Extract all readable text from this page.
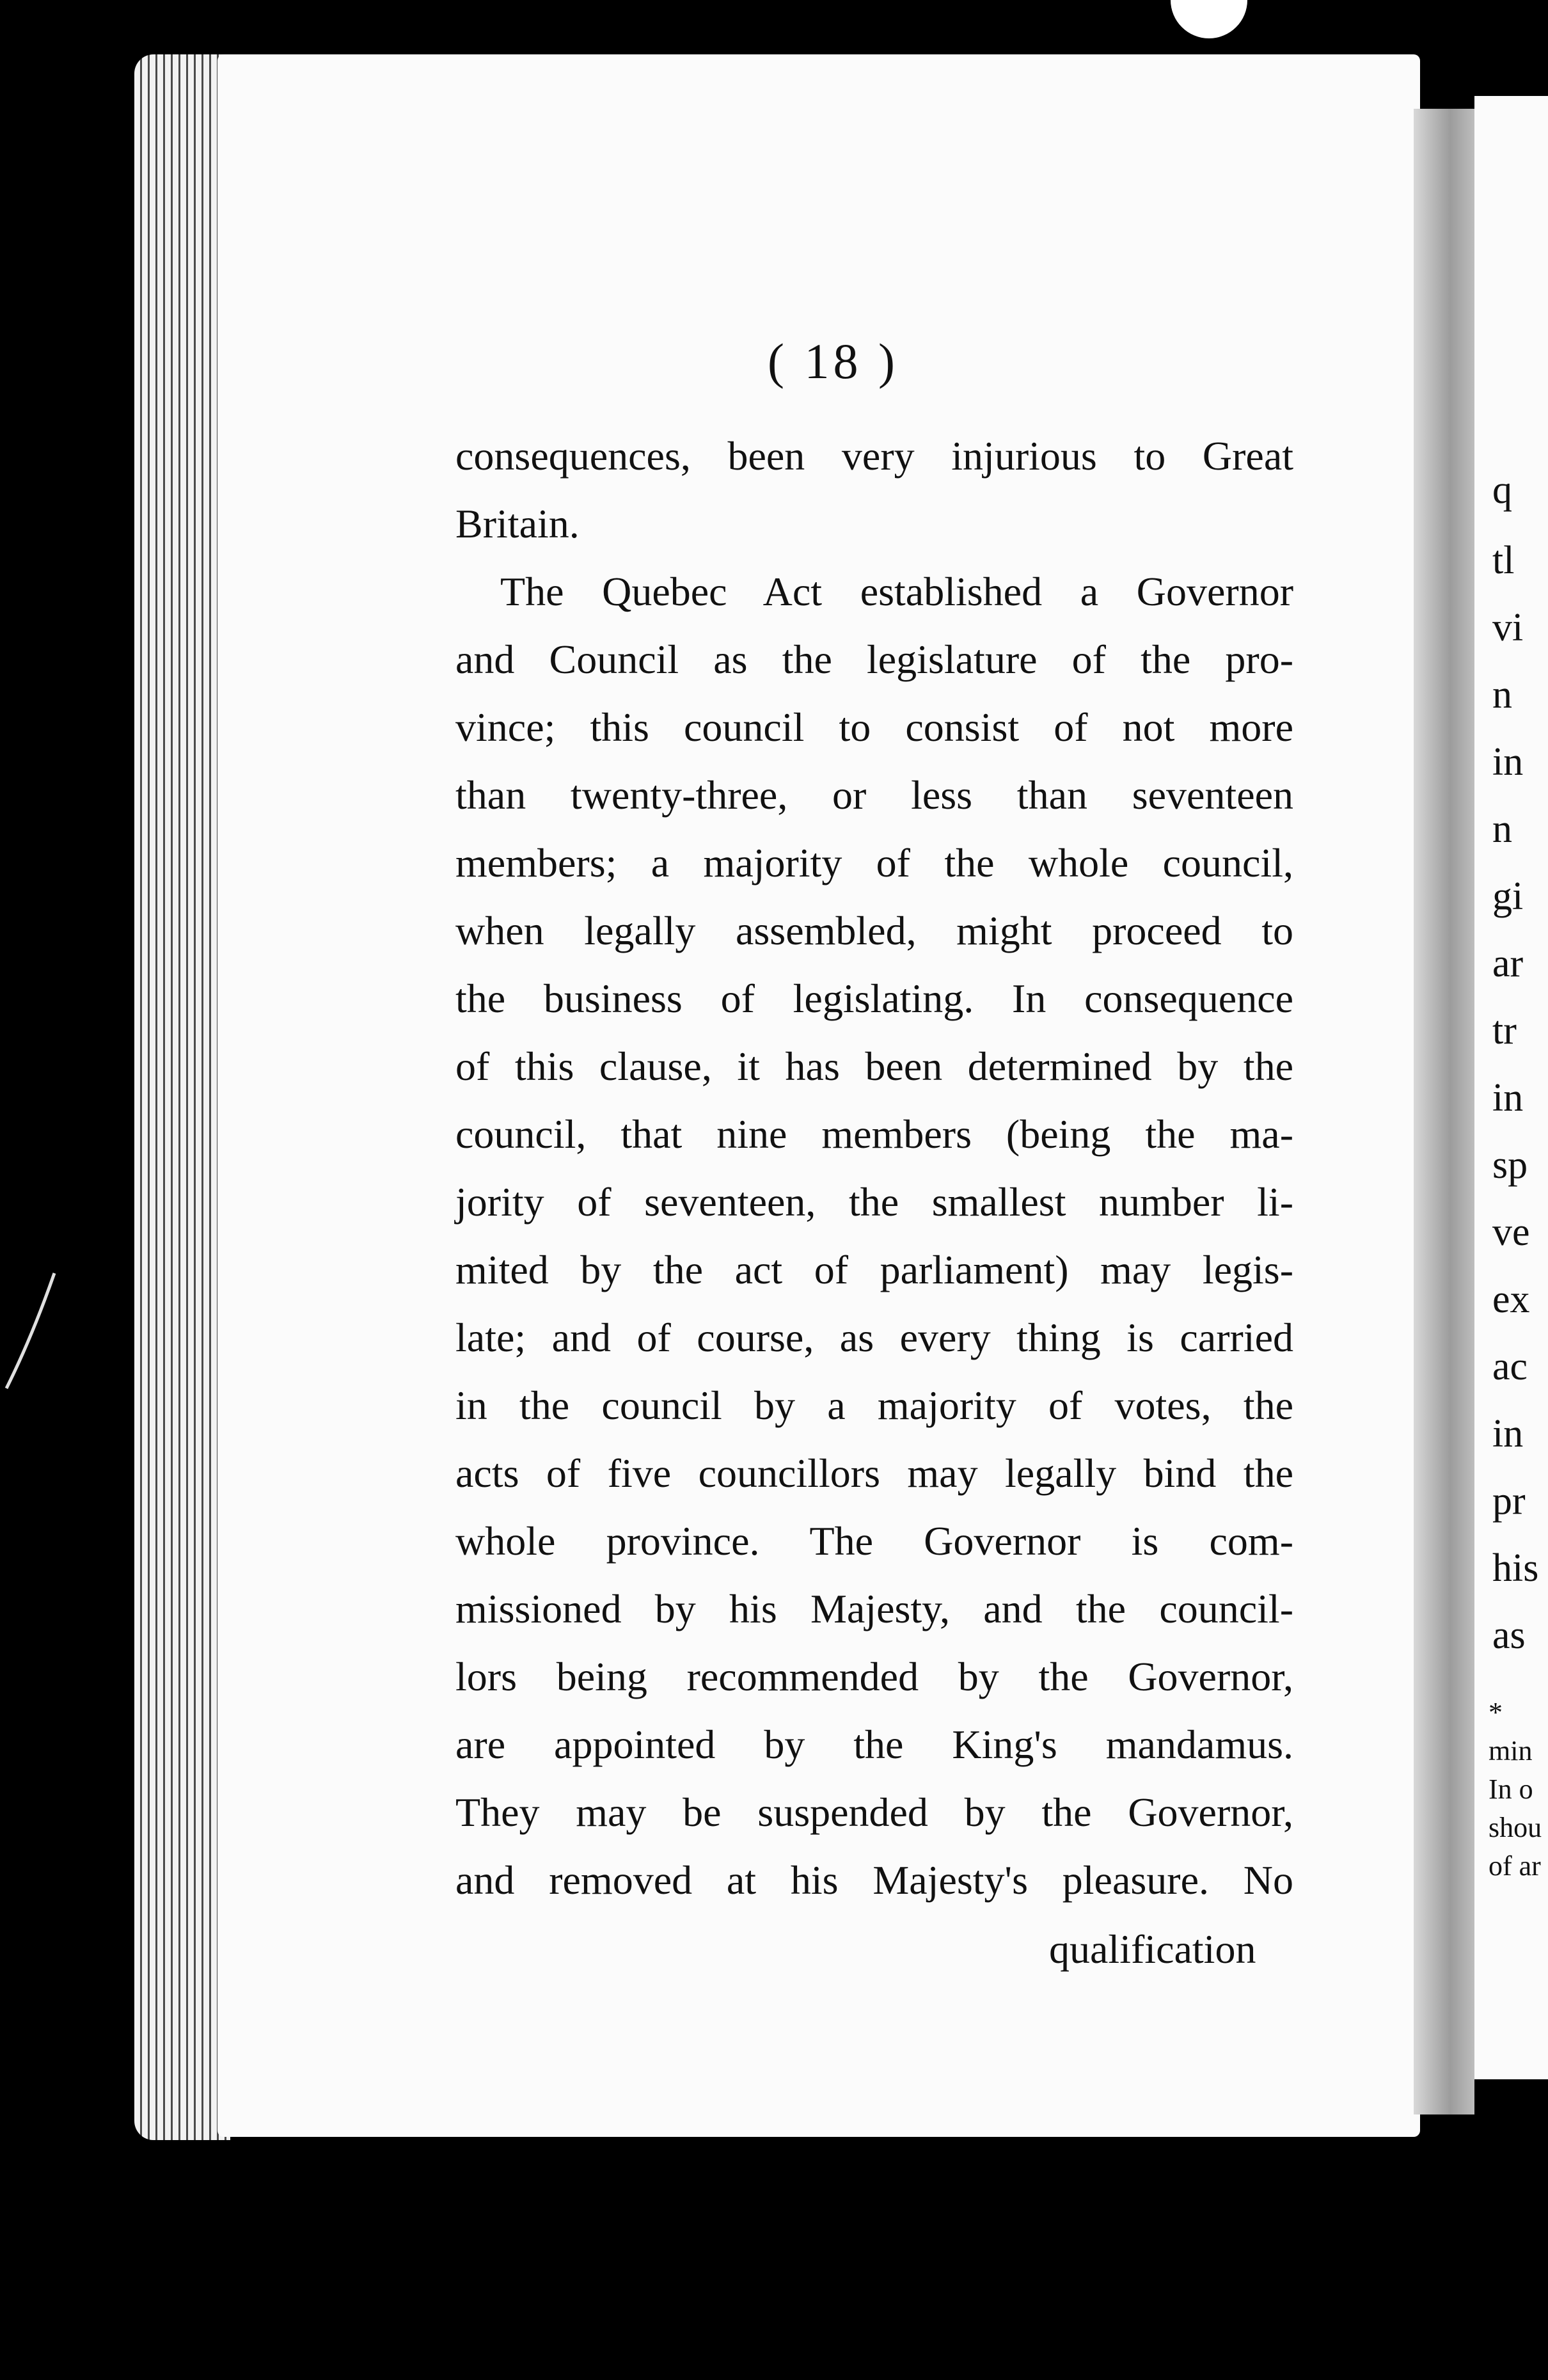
q
tl
vi
n
in
n
gi
ar
tr
in
sp
ve
ex
ac
in
pr
his
as
*
min
In o
shou
of ar
( 18 )
consequences, been very injurious to Great
Britain.
The Quebec Act established a Governor
and Council as the legislature of the pro-
vince; this council to consist of not more
than twenty-three, or less than seventeen
members; a majority of the whole council,
when legally assembled, might proceed to
the business of legislating. In consequence
of this clause, it has been determined by the
council, that nine members (being the ma-
jority of seventeen, the smallest number li-
mited by the act of parliament) may legis-
late; and of course, as every thing is carried
in the council by a majority of votes, the
acts of five councillors may legally bind the
whole province. The Governor is com-
missioned by his Majesty, and the council-
lors being recommended by the Governor,
are appointed by the King's mandamus.
They may be suspended by the Governor,
and removed at his Majesty's pleasure. No
qualification
